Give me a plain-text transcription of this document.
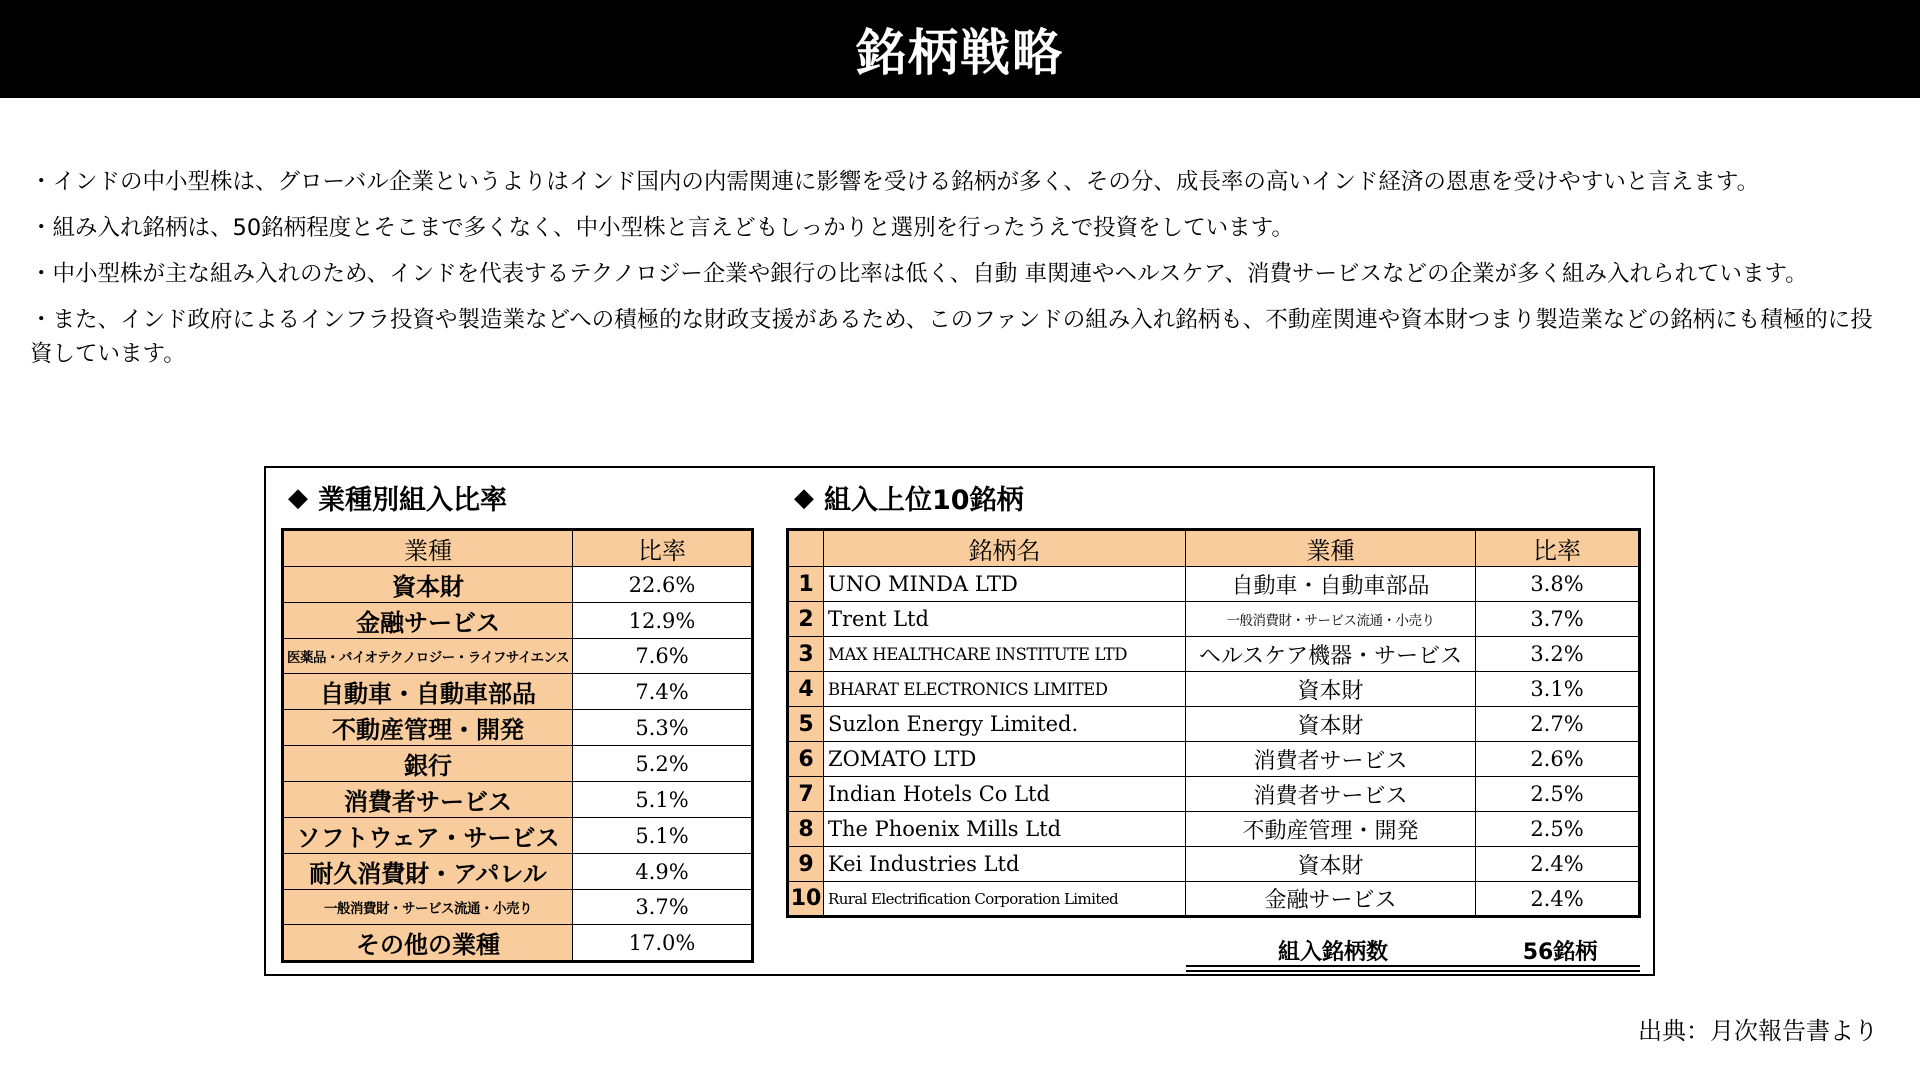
銘柄戦略

・インドの中小型株は、グローバル企業というよりはインド国内の内需関連に影響を受ける銘柄が多く、その分、成長率の高いインド経済の恩恵を受けやすいと言えます。

・組み入れ銘柄は、50銘柄程度とそこまで多くなく、中小型株と言えどもしっかりと選別を行ったうえで投資をしています。

・中小型株が主な組み入れのため、インドを代表するテクノロジー企業や銀行の比率は低く、自動 車関連やヘルスケア、消費サービスなどの企業が多く組み入れられています。

・また、インド政府によるインフラ投資や製造業などへの積極的な財政支援があるため、このファンドの組み入れ銘柄も、不動産関連や資本財つまり製造業などの銘柄にも積極的に投資しています。

◆ 業種別組入比率
業種	比率
資本財	22.6%
金融サービス	12.9%
医薬品・バイオテクノロジー・ライフサイエンス	7.6%
自動車・自動車部品	7.4%
不動産管理・開発	5.3%
銀行	5.2%
消費者サービス	5.1%
ソフトウェア・サービス	5.1%
耐久消費財・アパレル	4.9%
一般消費財・サービス流通・小売り	3.7%
その他の業種	17.0%
◆ 組入上位10銘柄
	銘柄名	業種	比率
1	UNO MINDA LTD	自動車・自動車部品	3.8%
2	Trent Ltd	一般消費財・サービス流通・小売り	3.7%
3	MAX HEALTHCARE INSTITUTE LTD	ヘルスケア機器・サービス	3.2%
4	BHARAT ELECTRONICS LIMITED	資本財	3.1%
5	Suzlon Energy Limited.	資本財	2.7%
6	ZOMATO LTD	消費者サービス	2.6%
7	Indian Hotels Co Ltd	消費者サービス	2.5%
8	The Phoenix Mills Ltd	不動産管理・開発	2.5%
9	Kei Industries Ltd	資本財	2.4%
10	Rural Electrification Corporation Limited	金融サービス	2.4%
組入銘柄数	56銘柄
出典：月次報告書より
